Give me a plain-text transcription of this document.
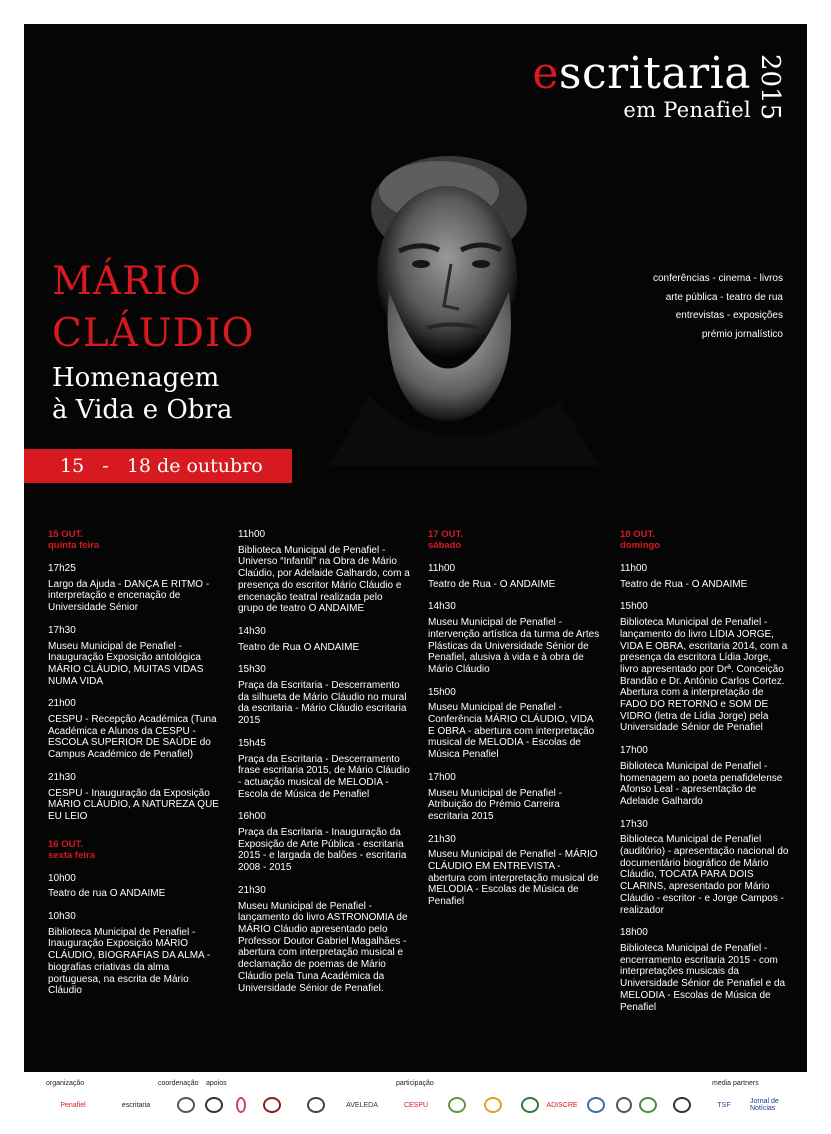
escritaria
em Penafiel 2015
MÁRIO
CLÁUDIO
Homenagem
à Vida e Obra
15   -   18 de outubro
conferências - cinema - livros
arte pública - teatro de rua
entrevistas - exposições
prémio jornalístico
15 OUT.
quinta feira
17h25
Largo da Ajuda - DANÇA E RITMO - interpretação e encenação de Universidade Sénior
17h30
Museu Municipal de Penafiel - Inauguração Exposição antológica MÁRIO CLÁUDIO, MUITAS VIDAS NUMA VIDA
21h00
CESPU - Recepção Académica (Tuna Académica e Alunos da CESPU - ESCOLA SUPERIOR DE SAÚDE do Campus Académico de Penafiel)
21h30
CESPU - Inauguração da Exposição MÁRIO CLÁUDIO, A NATUREZA QUE EU LEIO
16 OUT.
sexta feira
10h00
Teatro de rua O ANDAIME
10h30
Biblioteca Municipal de Penafiel - Inauguração Exposição MÁRIO CLÁUDIO, BIOGRAFIAS DA ALMA - biografias criativas da alma portuguesa, na escrita de Mário Cláudio
11h00
Biblioteca Municipal de Penafiel - Universo “Infantil” na Obra de Mário Claúdio, por Adelaide Galhardo, com a presença do escritor Mário Cláudio e encenação teatral realizada pelo grupo de teatro O ANDAIME
14h30
Teatro de Rua O ANDAIME
15h30
Praça da Escritaria - Descerramento da silhueta de Mário Cláudio no mural da escritaria - Mário Cláudio escritaria 2015
15h45
Praça da Escritaria - Descerramento frase escritaria 2015, de Mário Cláudio - actuação musical de MELODIA - Escola de Música de Penafiel
16h00
Praça da Escritaria - Inauguração da Exposição de Arte Pública - escritaria 2015 - e largada de balões - escritaria 2008 - 2015
21h30
Museu Municipal de Penafiel - lançamento do livro ASTRONOMIA de MÁRIO Cláudio apresentado pelo Professor Doutor Gabriel Magalhães - abertura com interpretação musical e declamação de poemas de Mário Cláudio pela Tuna Académica da Universidade Sénior de Penafiel.
17 OUT.
sábado
11h00
Teatro de Rua - O ANDAIME
14h30
Museu Municipal de Penafiel - intervenção artística da turma de Artes Plásticas da Universidade Sénior de Penafiel, alusiva à vida e à obra de Mário Cláudio
15h00
Museu Municipal de Penafiel - Conferência MÁRIO CLÁUDIO, VIDA E OBRA - abertura com interpretação musical de MELODIA - Escolas de Música Penafiel
17h00
Museu Municipal de Penafiel - Atribuição do Prémio Carreira escritaria 2015
21h30
Museu Municipal de Penafiel - MÁRIO CLÁUDIO EM ENTREVISTA - abertura com interpretação musical de MELODIA - Escolas de Música de Penafiel
18 OUT.
domingo
11h00
Teatro de Rua - O ANDAIME
15h00
Biblioteca Municipal de Penafiel - lançamento do livro LÍDIA JORGE, VIDA E OBRA, escritaria 2014, com a presença da escritora Lídia Jorge, livro apresentado por Drª. Conceição Brandão e Dr. António Carlos Cortez. Abertura com a interpretação de FADO DO RETORNO e SOM DE VIDRO (letra de Lídia Jorge) pela Universidade Sénior de Penafiel
17h00
Biblioteca Municipal de Penafiel - homenagem ao poeta penafidelense Afonso Leal - apresentação de Adelaide Galhardo
17h30
Biblioteca Municipal de Penafiel (auditório) - apresentação nacional do documentário biográfico de Mário Cláudio, TOCATA PARA DOIS CLARINS, apresentado por Mário Cláudio - escritor - e Jorge Campos - realizador
18h00
Biblioteca Municipal de Penafiel - encerramento escritaria 2015 - com interpretações musicais da Universidade Sénior de Penafiel e da MELODIA - Escolas de Música de Penafiel
organização	coordenação apoios	participação	media partners
Penafiel	escritaria	AVELEDA	CESPU	ADISCRE	TSF	Jornal de Notícias
